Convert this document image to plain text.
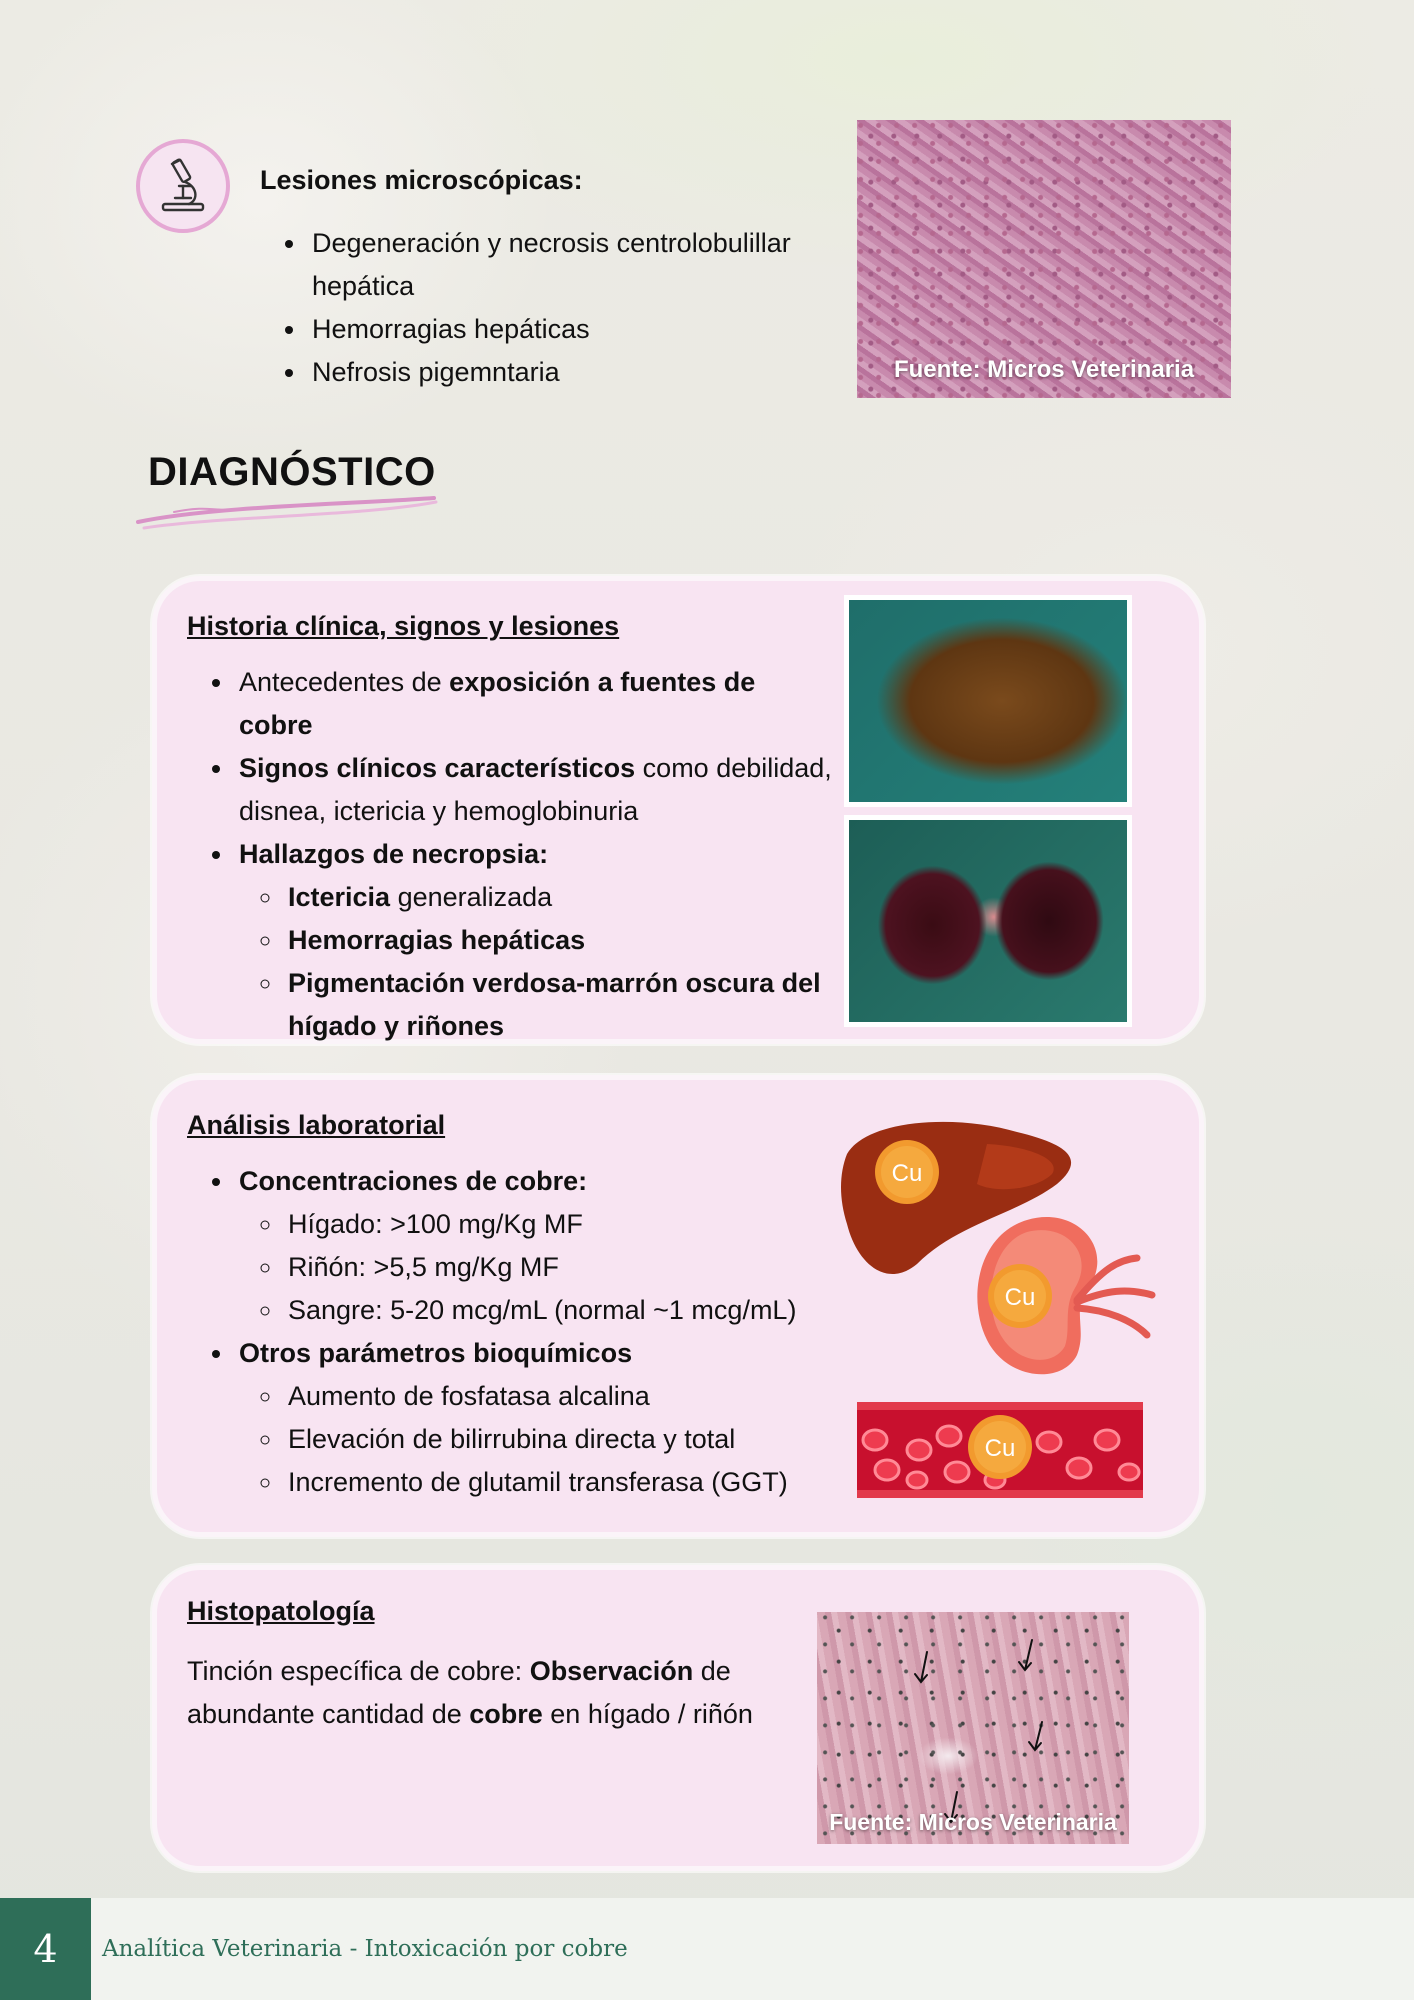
Lesiones microscópicas:
• Degeneración y necrosis centrolobulillar hepática
• Hemorragias hepáticas
• Nefrosis pigemntaria	Fuente: Micros Veterinaria
DIAGNÓSTICO
Historia clínica, signos y lesiones
• Antecedentes de exposición a fuentes de cobre
• Signos clínicos característicos como debilidad, disnea, ictericia y hemoglobinuria
• Hallazgos de necropsia:
◦ Ictericia generalizada
◦ Hemorragias hepáticas
◦ Pigmentación verdosa-marrón oscura del hígado y riñones
Análisis laboratorial
• Concentraciones de cobre:
◦ Hígado: >100 mg/Kg MF
◦ Riñón: >5,5 mg/Kg MF
◦ Sangre: 5-20 mcg/mL (normal ~1 mcg/mL)
• Otros parámetros bioquímicos
◦ Aumento de fosfatasa alcalina
◦ Elevación de bilirrubina directa y total
◦ Incremento de glutamil transferasa (GGT)
Cu
Cu
Cu
Histopatología
Tinción específica de cobre: Observación de abundante cantidad de cobre en hígado / riñón
Fuente: Micros Veterinaria
4	Analítica Veterinaria - Intoxicación por cobre
